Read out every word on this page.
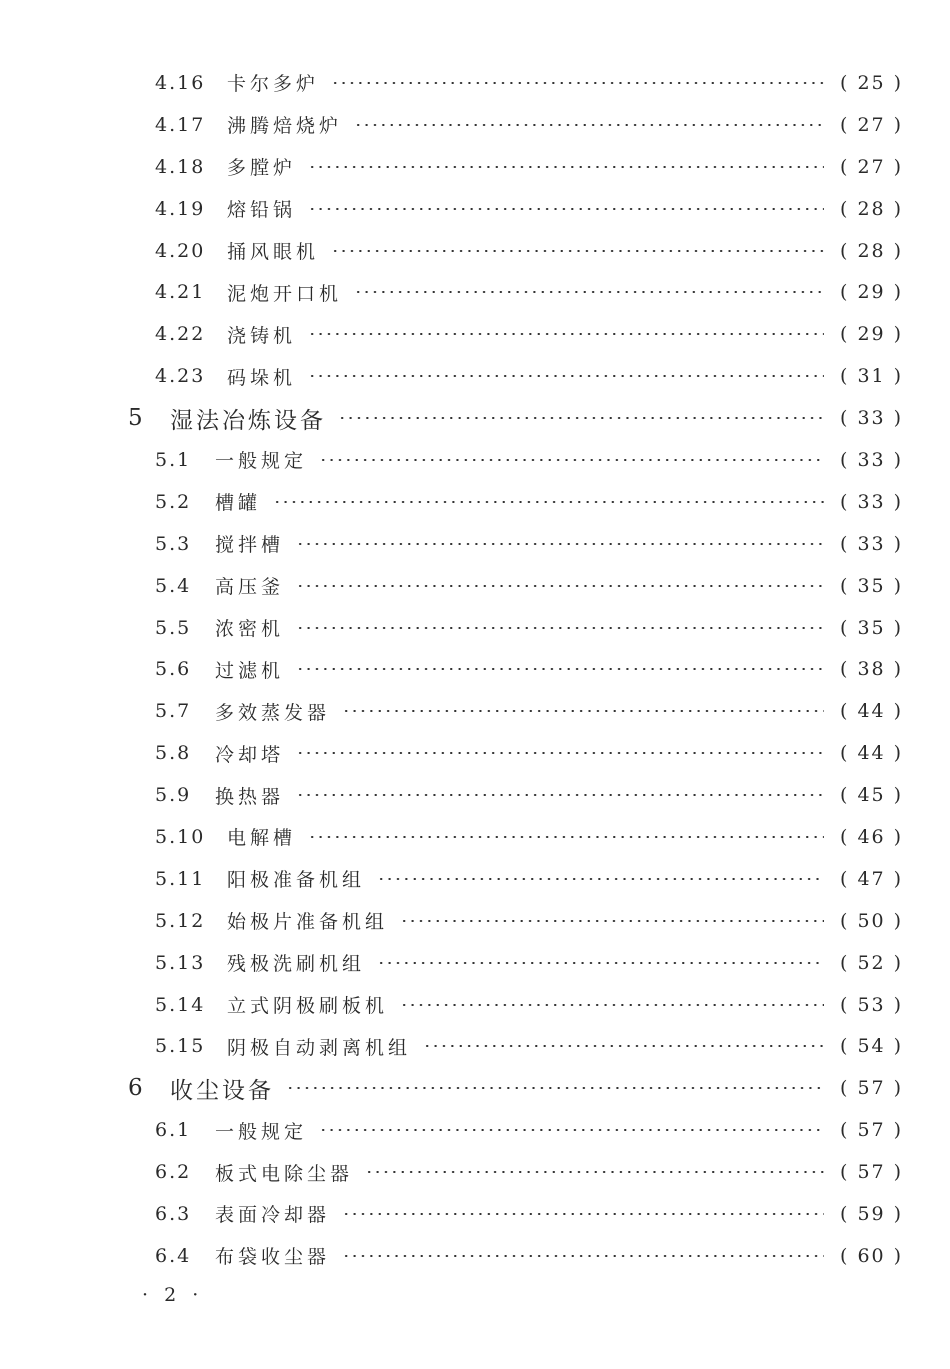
4.16	卡尔多炉	( 25 )
4.17	沸腾焙烧炉	( 27 )
4.18	多膛炉	( 27 )
4.19	熔铅锅	( 28 )
4.20	捅风眼机	( 28 )
4.21	泥炮开口机	( 29 )
4.22	浇铸机	( 29 )
4.23	码垛机	( 31 )
5	湿法冶炼设备	( 33 )
5.1	一般规定	( 33 )
5.2	槽罐	( 33 )
5.3	搅拌槽	( 33 )
5.4	高压釜	( 35 )
5.5	浓密机	( 35 )
5.6	过滤机	( 38 )
5.7	多效蒸发器	( 44 )
5.8	冷却塔	( 44 )
5.9	换热器	( 45 )
5.10	电解槽	( 46 )
5.11	阳极准备机组	( 47 )
5.12	始极片准备机组	( 50 )
5.13	残极洗刷机组	( 52 )
5.14	立式阴极刷板机	( 53 )
5.15	阴极自动剥离机组	( 54 )
6	收尘设备	( 57 )
6.1	一般规定	( 57 )
6.2	板式电除尘器	( 57 )
6.3	表面冷却器	( 59 )
6.4	布袋收尘器	( 60 )
· 2 ·
